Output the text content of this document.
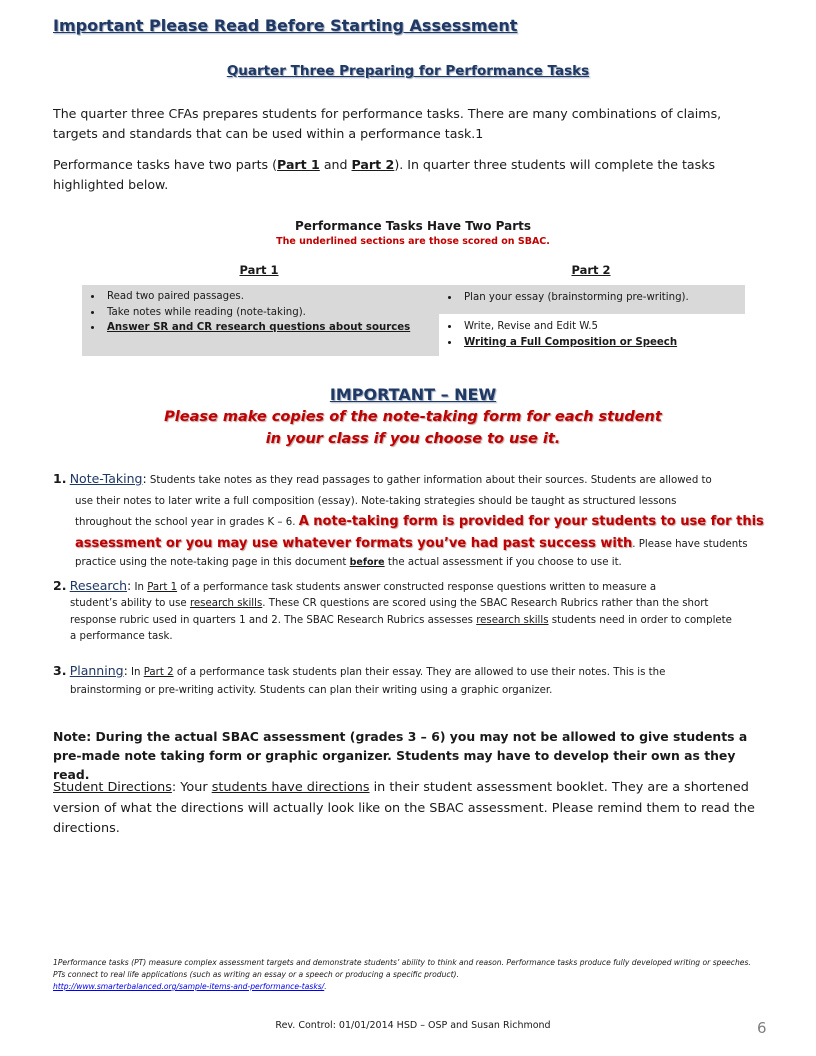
Important Please Read Before Starting Assessment
Quarter Three Preparing for Performance Tasks
The quarter three CFAs prepares students for performance tasks. There are many combinations of claims, targets and standards that can be used within a performance task.1
Performance tasks have two parts (Part 1 and Part 2). In quarter three students will complete the tasks highlighted below.
Performance Tasks Have Two Parts
The underlined sections are those scored on SBAC.
Part 1	Part 2
• Read two paired passages.
• Take notes while reading (note-taking).
• Answer SR and CR research questions about sources
• Plan your essay (brainstorming pre-writing).
• Write, Revise and Edit W.5
• Writing a Full Composition or Speech
IMPORTANT – NEW
Please make copies of the note-taking form for each student
in your class if you choose to use it.
1. Note-Taking: Students take notes as they read passages to gather information about their sources. Students are allowed to
use their notes to later write a full composition (essay). Note-taking strategies should be taught as structured lessons
throughout the school year in grades K – 6. A note-taking form is provided for your students to use for this
assessment or you may use whatever formats you’ve had past success with. Please have students
practice using the note-taking page in this document before the actual assessment if you choose to use it.
2. Research: In Part 1 of a performance task students answer constructed response questions written to measure a
student’s ability to use research skills. These CR questions are scored using the SBAC Research Rubrics rather than the short
response rubric used in quarters 1 and 2. The SBAC Research Rubrics assesses research skills students need in order to complete
a performance task.
3. Planning: In Part 2 of a performance task students plan their essay. They are allowed to use their notes. This is the
brainstorming or pre-writing activity. Students can plan their writing using a graphic organizer.
Note: During the actual SBAC assessment (grades 3 – 6) you may not be allowed to give students a pre-made note taking form or graphic organizer. Students may have to develop their own as they read.
Student Directions: Your students have directions in their student assessment booklet. They are a shortened version of what the directions will actually look like on the SBAC assessment. Please remind them to read the directions.
1Performance tasks (PT) measure complex assessment targets and demonstrate students’ ability to think and reason. Performance tasks produce fully developed writing or speeches. PTs connect to real life applications (such as writing an essay or a speech or producing a specific product).
http://www.smarterbalanced.org/sample-items-and-performance-tasks/.
Rev. Control: 01/01/2014 HSD – OSP and Susan Richmond	6
